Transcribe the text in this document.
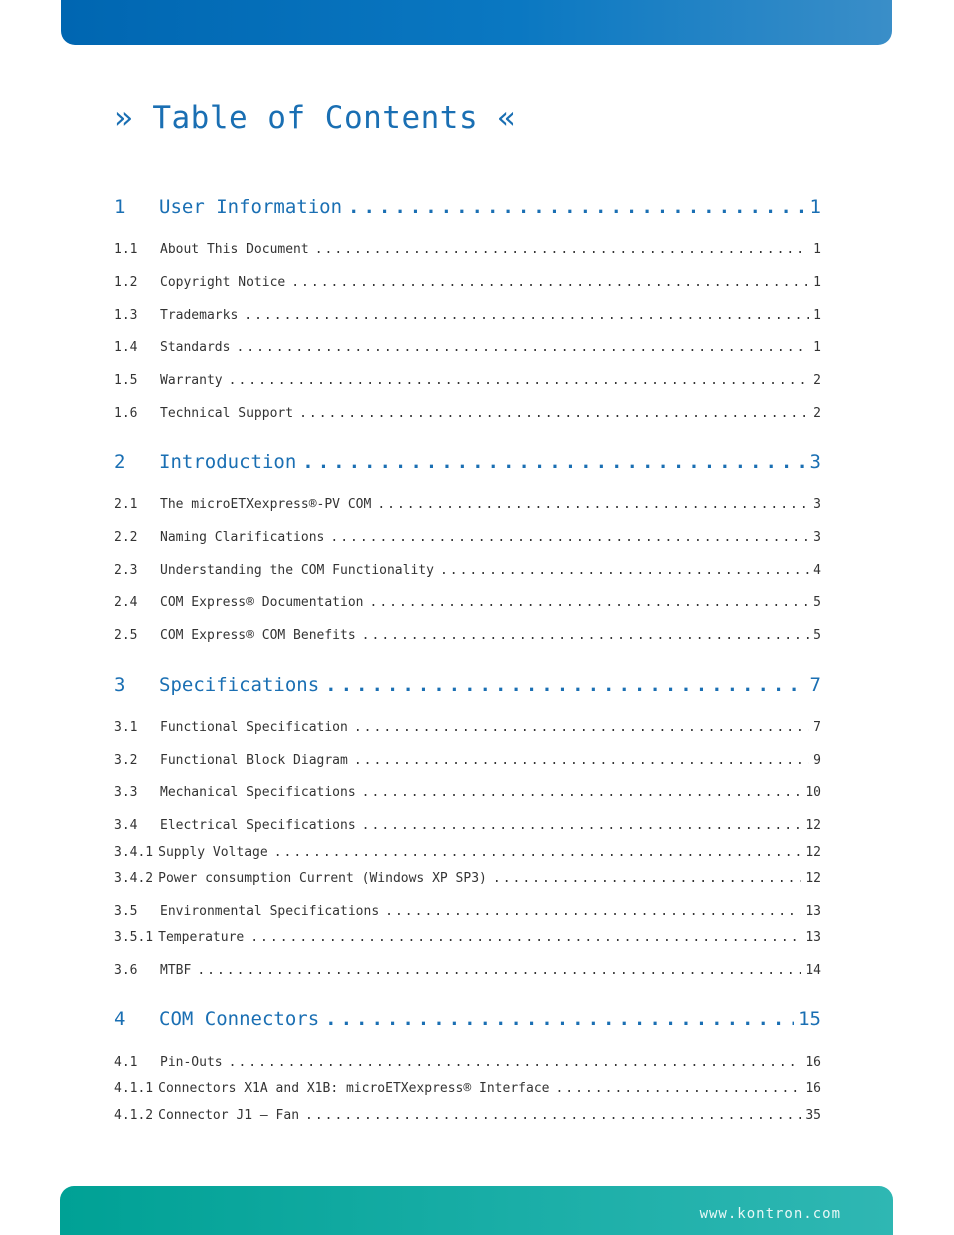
» Table of Contents «
1	User Information .....	1
1.1	About This Document .....	1
1.2	Copyright Notice .....	1
1.3	Trademarks .....	1
1.4	Standards .....	1
1.5	Warranty .....	2
1.6	Technical Support .....	2
2	Introduction .....	3
2.1	The microETXexpress®-PV COM .....	3
2.2	Naming Clarifications .....	3
2.3	Understanding the COM Functionality .....	4
2.4	COM Express® Documentation .....	5
2.5	COM Express® COM Benefits .....	5
3	Specifications .....	7
3.1	Functional Specification .....	7
3.2	Functional Block Diagram .....	9
3.3	Mechanical Specifications .....	10
3.4	Electrical Specifications .....	12
3.4.1 Supply Voltage .....	12
3.4.2 Power consumption Current (Windows XP SP3) .....	12
3.5	Environmental Specifications .....	13
3.5.1 Temperature .....	13
3.6	MTBF .....	14
4	COM Connectors .....	15
4.1	Pin-Outs .....	16
4.1.1 Connectors X1A and X1B: microETXexpress® Interface .....	16
4.1.2 Connector J1 – Fan .....	35
www.kontron.com
